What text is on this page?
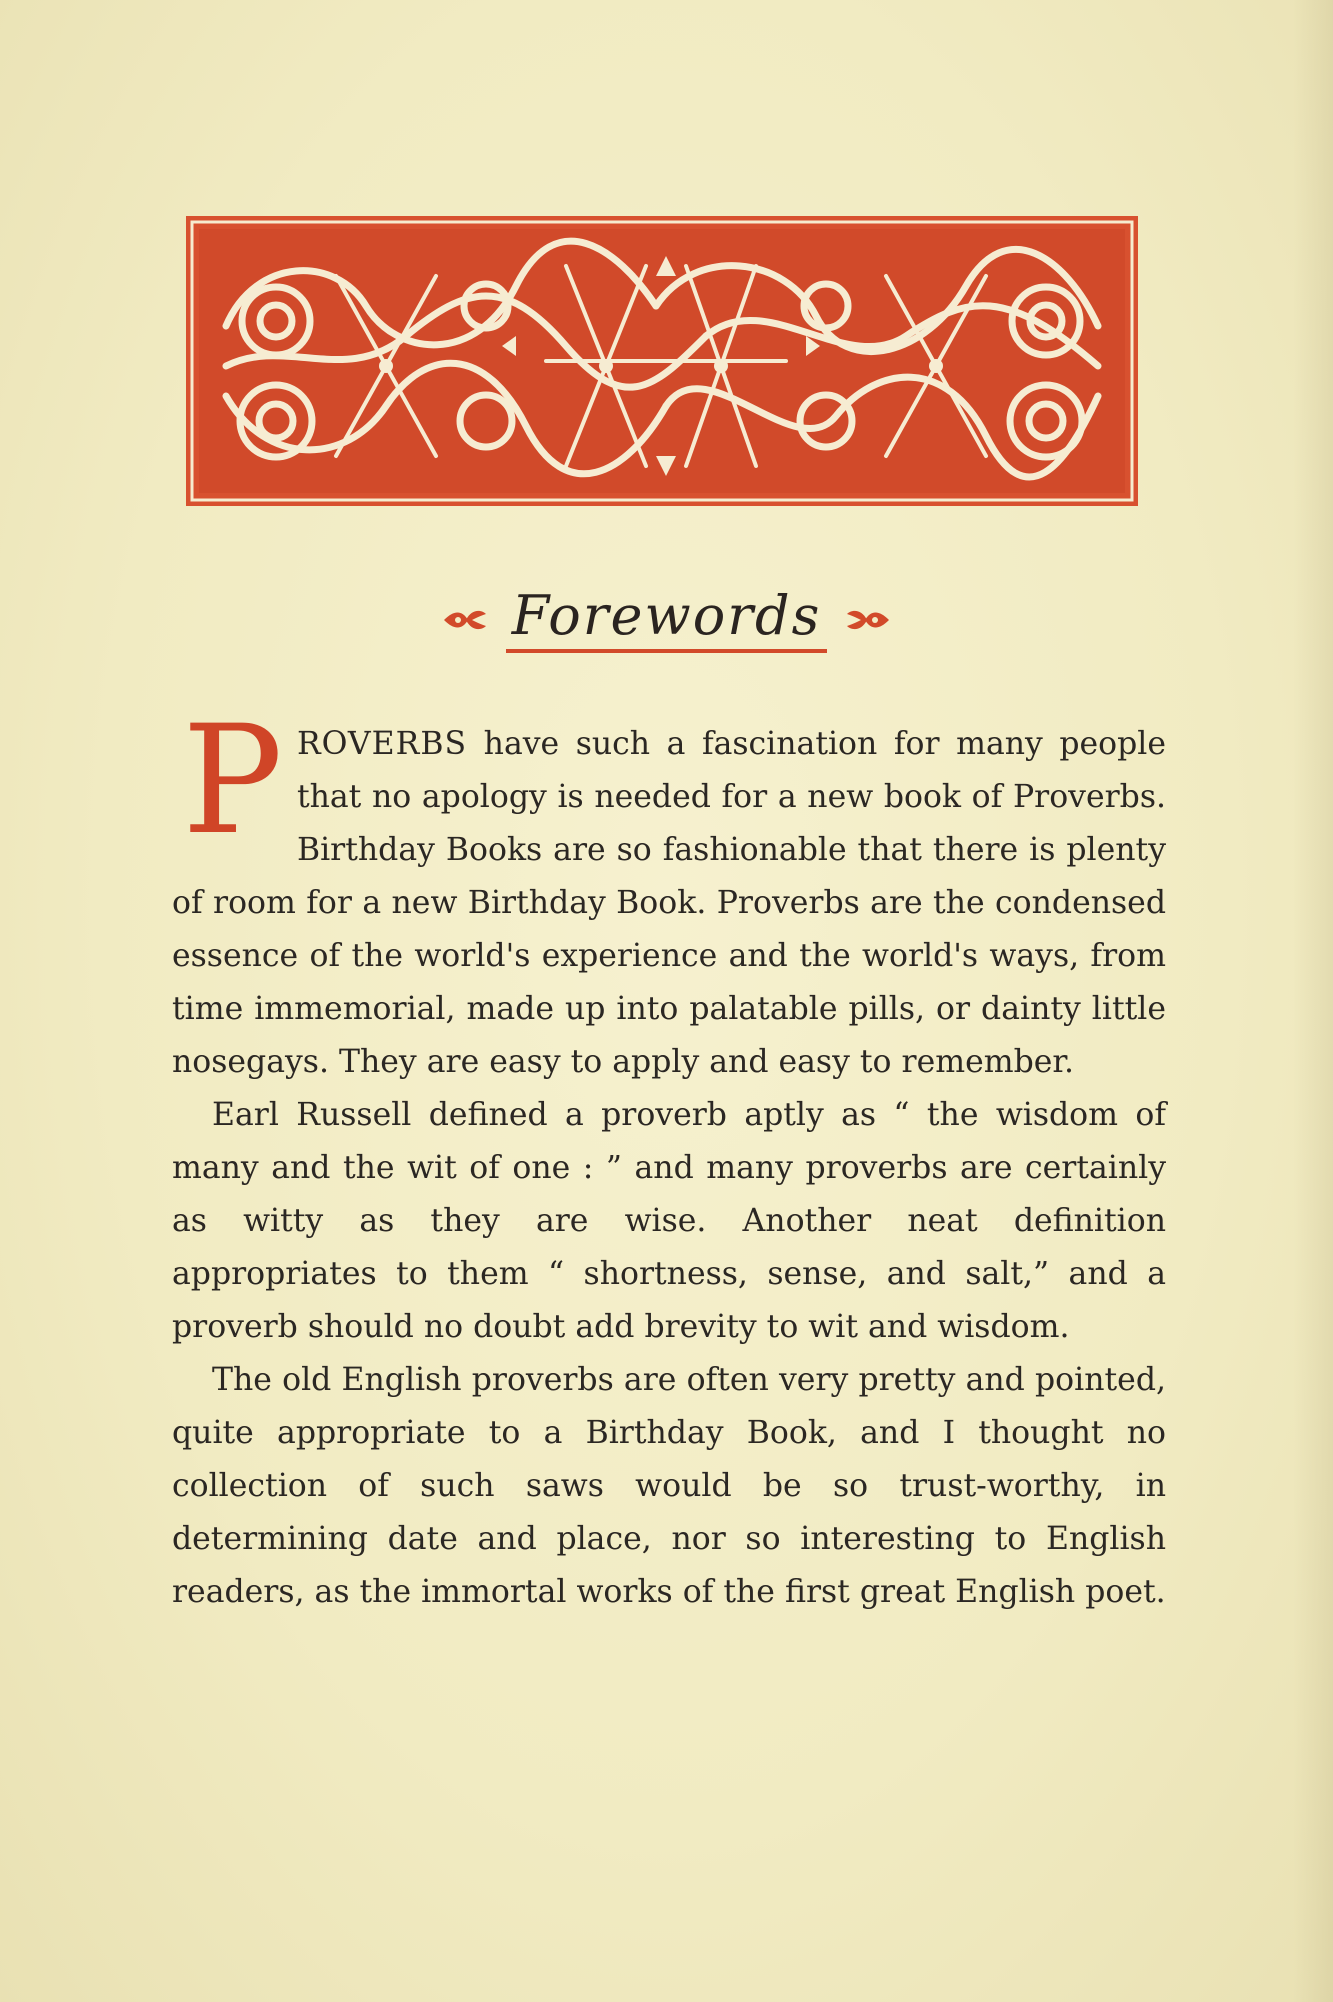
Forewords

PROVERBS have such a fascination for many people that no apology is needed for a new book of Proverbs. Birthday Books are so fashionable that there is plenty of room for a new Birthday Book. Proverbs are the condensed essence of the world's experience and the world's ways, from time immemorial, made up into palatable pills, or dainty little nosegays. They are easy to apply and easy to remember.

Earl Russell defined a proverb aptly as “ the wisdom of many and the wit of one : ” and many proverbs are certainly as witty as they are wise. Another neat definition appropriates to them “ shortness, sense, and salt,” and a proverb should no doubt add brevity to wit and wisdom.

The old English proverbs are often very pretty and pointed, quite appropriate to a Birthday Book, and I thought no collection of such saws would be so trust-worthy, in determining date and place, nor so interesting to English readers, as the immortal works of the first great English poet.
